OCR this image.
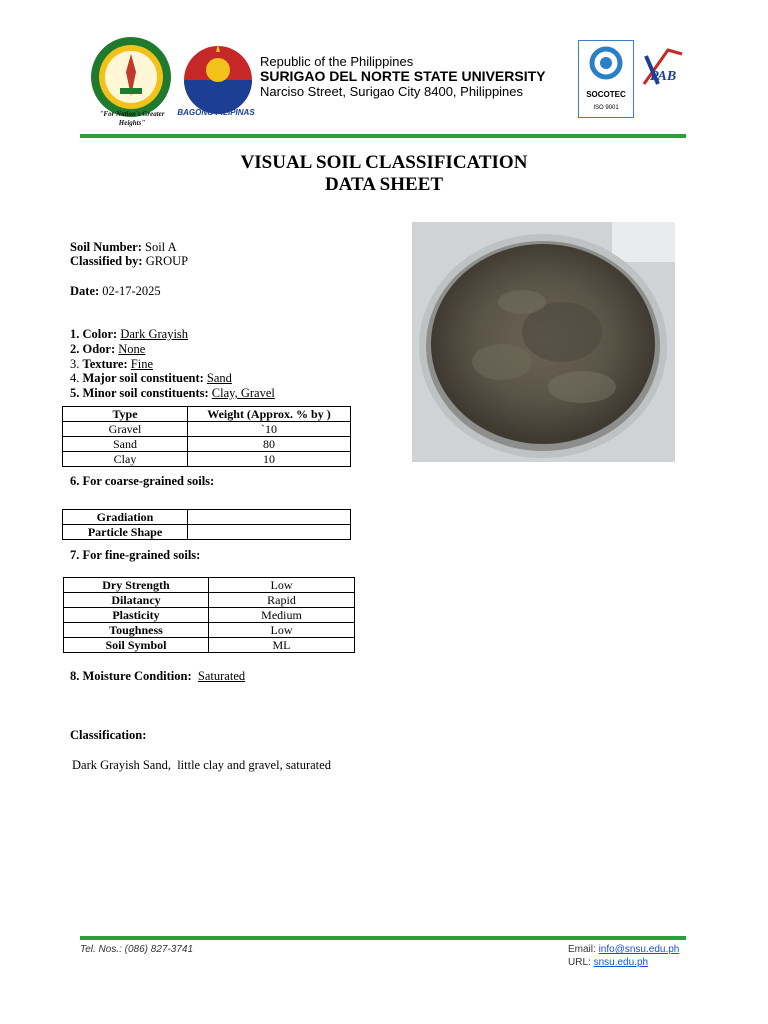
"For Nation's Greater Heights"
BAGONG PILIPINAS
Republic of the Philippines
SURIGAO DEL NORTE STATE UNIVERSITY
Narciso Street, Surigao City 8400, Philippines	SOCOTEC
ISO 9001
PAB
VISUAL SOIL CLASSIFICATION
DATA SHEET
Soil Number: Soil A
Classified by: GROUP
Date: 02-17-2025
1. Color: Dark Grayish
2. Odor: None
3. Texture: Fine
4. Major soil constituent: Sand
5. Minor soil constituents: Clay, Gravel
Type	Weight (Approx. % by )
Gravel	`10
Sand	80
Clay	10
6. For coarse-grained soils:
Gradiation	
Particle Shape	
7. For fine-grained soils:
Dry Strength	Low
Dilatancy	Rapid
Plasticity	Medium
Toughness	Low
Soil Symbol	ML
8. Moisture Condition: Saturated
Classification:
Dark Grayish Sand,  little clay and gravel, saturated
Tel. Nos.: (086) 827-3741	Email: info@snsu.edu.ph
URL: snsu.edu.ph
